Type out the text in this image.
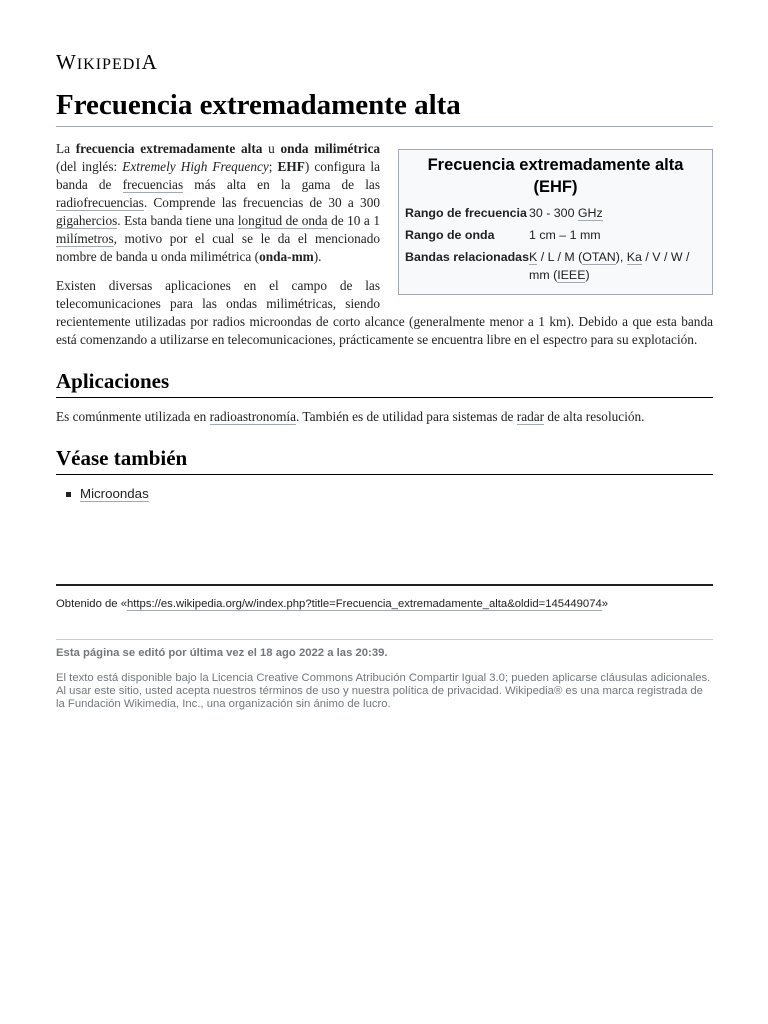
WIKIPEDIA
Frecuencia extremadamente alta
Frecuencia extremadamente alta (EHF)
Rango de frecuencia 30 - 300 GHz
Rango de onda	1 cm – 1 mm
Bandas relacionadas K / L / M (OTAN), Ka / V / W / mm (IEEE)

La frecuencia extremadamente alta u onda milimétrica (del inglés: Extremely High Frequency; EHF) configura la banda de frecuencias más alta en la gama de las radiofrecuencias. Comprende las frecuencias de 30 a 300 gigahercios. Esta banda tiene una longitud de onda de 10 a 1 milímetros, motivo por el cual se le da el mencionado nombre de banda u onda milimétrica (onda-mm).

Existen diversas aplicaciones en el campo de las telecomunicaciones para las ondas milimétricas, siendo recientemente utilizadas por radios microondas de corto alcance (generalmente menor a 1 km). Debido a que esta banda está comenzando a utilizarse en telecomunicaciones, prácticamente se encuentra libre en el espectro para su explotación.

Aplicaciones

Es comúnmente utilizada en radioastronomía. También es de utilidad para sistemas de radar de alta resolución.

Véase también
Microondas
Obtenido de «https://es.wikipedia.org/w/index.php?title=Frecuencia_extremadamente_alta&oldid=145449074»
Esta página se editó por última vez el 18 ago 2022 a las 20:39.
El texto está disponible bajo la Licencia Creative Commons Atribución Compartir Igual 3.0; pueden aplicarse cláusulas adicionales. Al usar este sitio, usted acepta nuestros términos de uso y nuestra política de privacidad. Wikipedia® es una marca registrada de la Fundación Wikimedia, Inc., una organización sin ánimo de lucro.
